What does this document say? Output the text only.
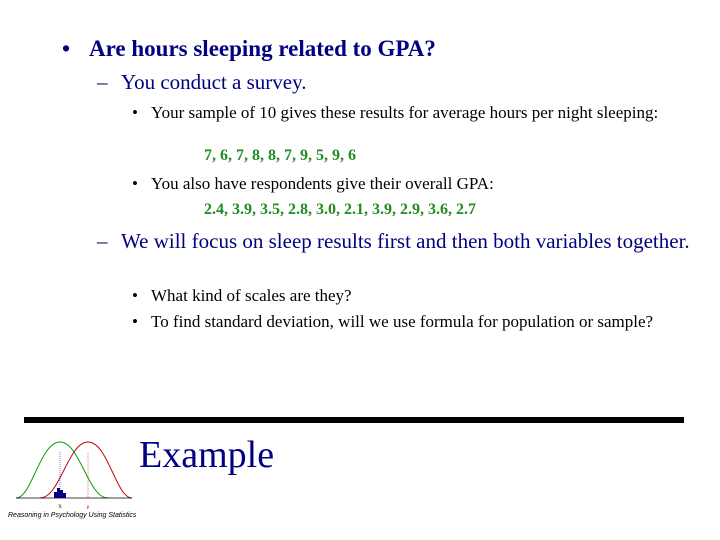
• Are hours sleeping related to GPA?
– You conduct a survey.
• Your sample of 10 gives these results for average hours per night sleeping:
7, 6, 7, 8, 8, 7, 9, 5, 9, 6
• You also have respondents give their overall GPA:
2.4, 3.9, 3.5, 2.8, 3.0, 2.1, 3.9, 2.9, 3.6, 2.7
– We will focus on sleep results first and then both variables together.
• What kind of scales are they?
• To find standard deviation, will we use formula for population or sample?
X	μ
Example
Reasoning in Psychology Using Statistics
